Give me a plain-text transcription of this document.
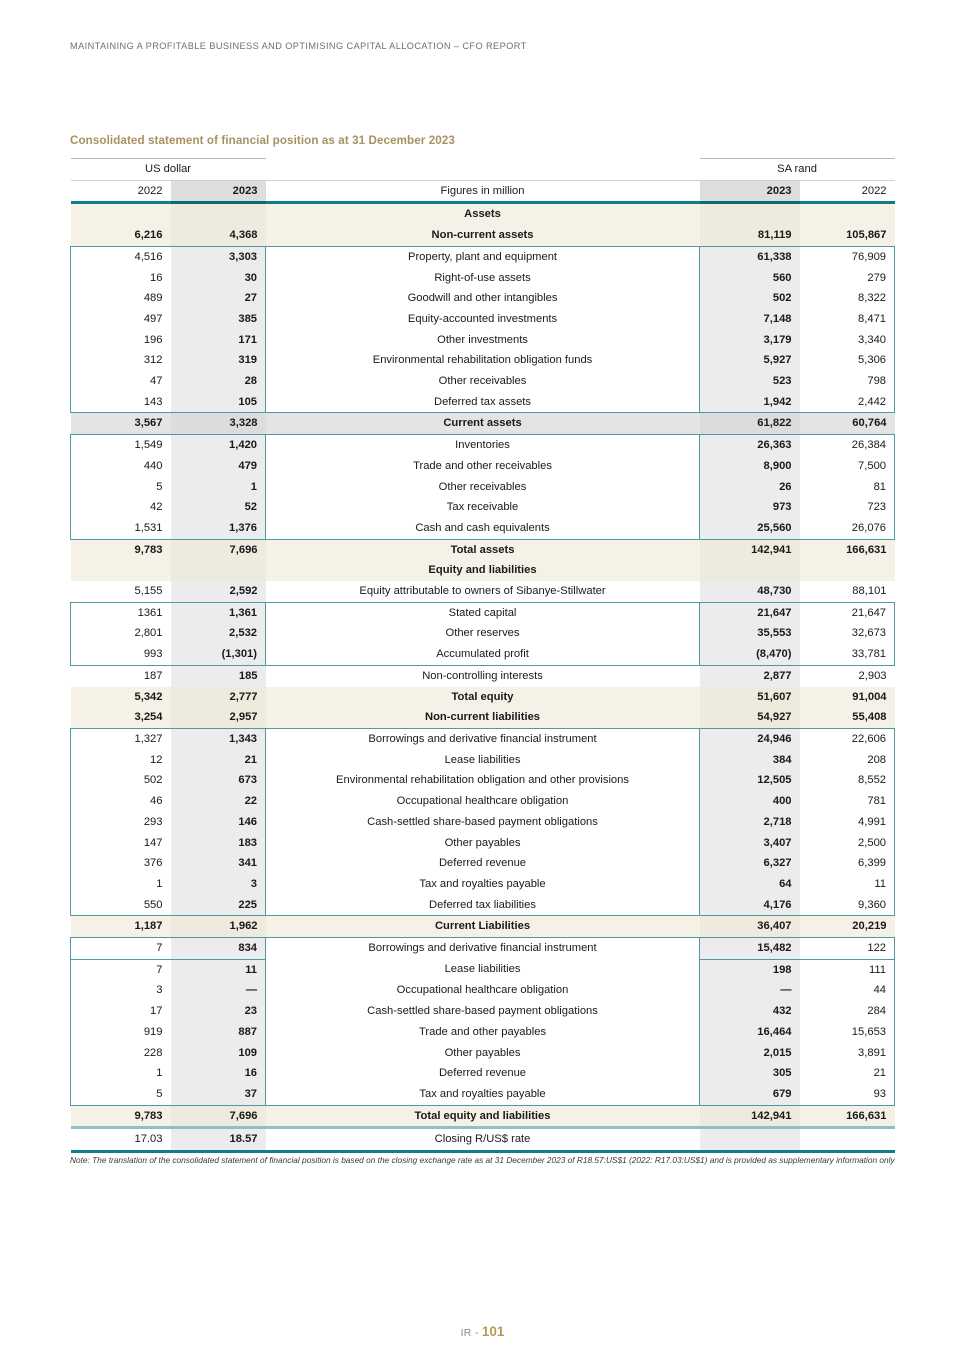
MAINTAINING A PROFITABLE BUSINESS AND OPTIMISING CAPITAL ALLOCATION – CFO REPORT
Consolidated statement of financial position as at 31 December 2023
US dollar			SA rand	
2022	2023	Figures in million	2023	2022

		Assets		
6,216	4,368	Non-current assets	81,119	105,867
4,516	3,303	Property, plant and equipment	61,338	76,909
16	30	Right-of-use assets	560	279
489	27	Goodwill and other intangibles	502	8,322
497	385	Equity-accounted investments	7,148	8,471
196	171	Other investments	3,179	3,340
312	319	Environmental rehabilitation obligation funds	5,927	5,306
47	28	Other receivables	523	798
143	105	Deferred tax assets	1,942	2,442
3,567	3,328	Current assets	61,822	60,764
1,549	1,420	Inventories	26,363	26,384
440	479	Trade and other receivables	8,900	7,500
5	1	Other receivables	26	81
42	52	Tax receivable	973	723
1,531	1,376	Cash and cash equivalents	25,560	26,076
9,783	7,696	Total assets	142,941	166,631
		Equity and liabilities		
5,155	2,592	Equity attributable to owners of Sibanye-Stillwater	48,730	88,101
1361	1,361	Stated capital	21,647	21,647
2,801	2,532	Other reserves	35,553	32,673
993	(1,301)	Accumulated profit	(8,470)	33,781
187	185	Non-controlling interests	2,877	2,903
5,342	2,777	Total equity	51,607	91,004
3,254	2,957	Non-current liabilities	54,927	55,408
1,327	1,343	Borrowings and derivative financial instrument	24,946	22,606
12	21	Lease liabilities	384	208
502	673	Environmental rehabilitation obligation and other provisions	12,505	8,552
46	22	Occupational healthcare obligation	400	781
293	146	Cash-settled share-based payment obligations	2,718	4,991
147	183	Other payables	3,407	2,500
376	341	Deferred revenue	6,327	6,399
1	3	Tax and royalties payable	64	11
550	225	Deferred tax liabilities	4,176	9,360
1,187	1,962	Current Liabilities	36,407	20,219
7	834	Borrowings and derivative financial instrument	15,482	122
7	11	Lease liabilities	198	111
3	—	Occupational healthcare obligation	—	44
17	23	Cash-settled share-based payment obligations	432	284
919	887	Trade and other payables	16,464	15,653
228	109	Other payables	2,015	3,891
1	16	Deferred revenue	305	21
5	37	Tax and royalties payable	679	93
9,783	7,696	Total equity and liabilities	142,941	166,631

17.03	18.57	Closing R/US$ rate		

Note: The translation of the consolidated statement of financial position is based on the closing exchange rate as at 31 December 2023 of R18.57:US$1 (2022: R17.03:US$1) and is provided as supplementary information only
IR - 101
